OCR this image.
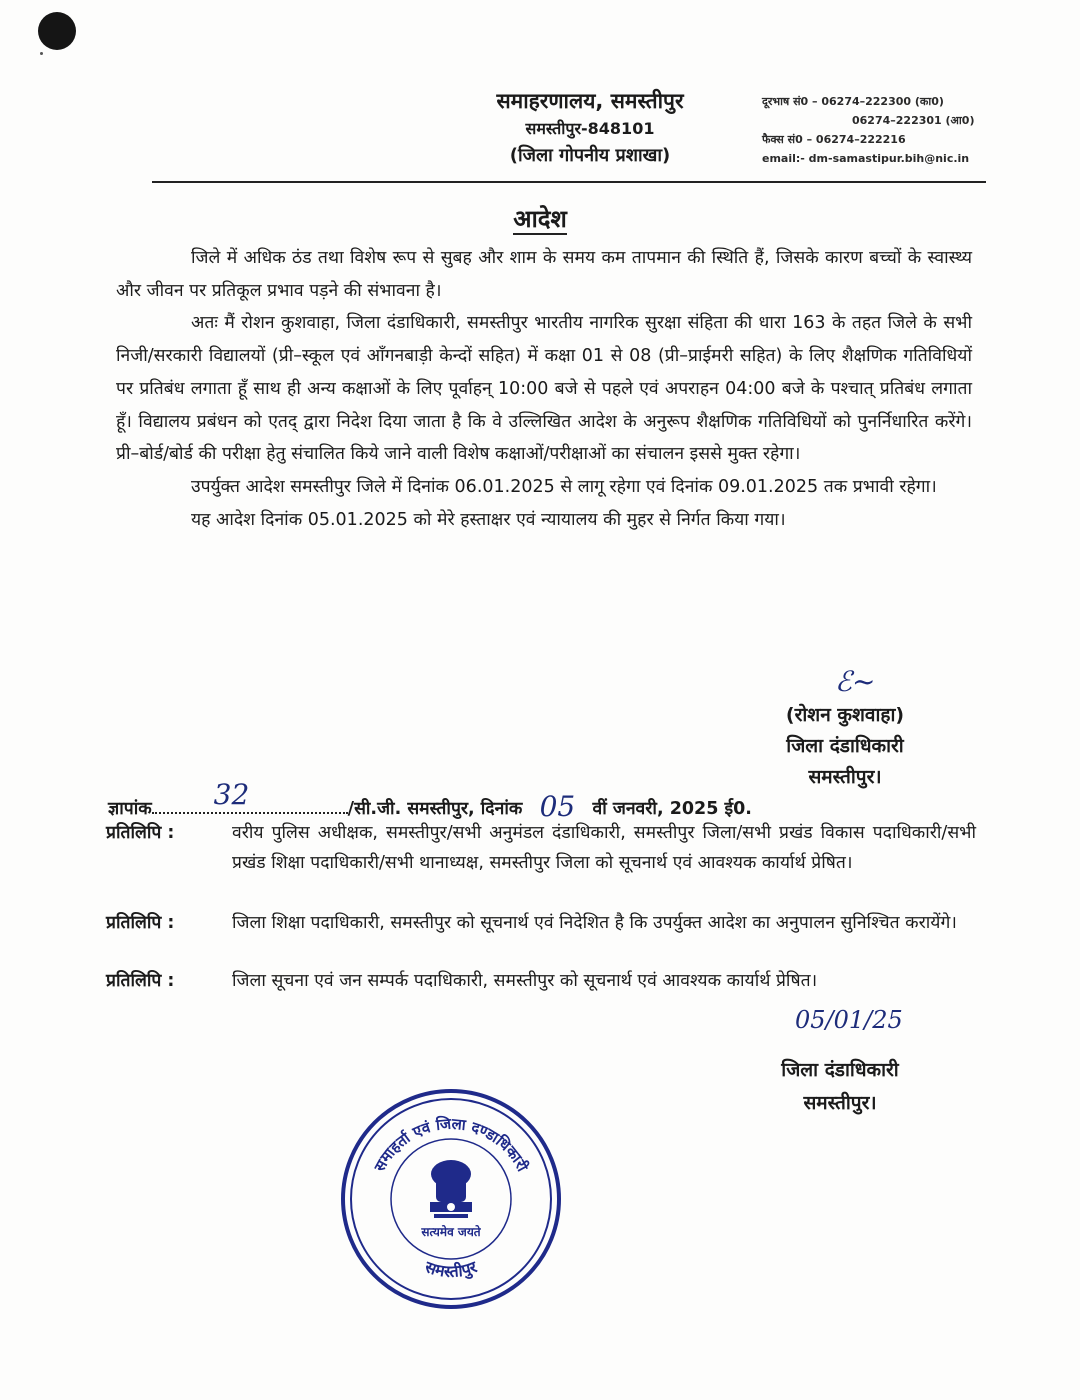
समाहरणालय, समस्तीपुर
समस्तीपुर-848101
(जिला गोपनीय प्रशाखा)
दूरभाष सं0 – 06274–222300 (का0)
06274–222301 (आ0)
फैक्स सं0 – 06274–222216
email:- dm-samastipur.bih@nic.in
आदेश

जिले में अधिक ठंड तथा विशेष रूप से सुबह और शाम के समय कम तापमान की स्थिति हैं, जिसके कारण बच्चों के स्वास्थ्य और जीवन पर प्रतिकूल प्रभाव पड़ने की संभावना है।

अतः मैं रोशन कुशवाहा, जिला दंडाधिकारी, समस्तीपुर भारतीय नागरिक सुरक्षा संहिता की धारा 163 के तहत जिले के सभी निजी/सरकारी विद्यालयों (प्री–स्कूल एवं आँगनबाड़ी केन्दों सहित) में कक्षा 01 से 08 (प्री–प्राईमरी सहित) के लिए शैक्षणिक गतिविधियों पर प्रतिबंध लगाता हूँ साथ ही अन्य कक्षाओं के लिए पूर्वाहन् 10:00 बजे से पहले एवं अपराहन 04:00 बजे के पश्चात् प्रतिबंध लगाता हूँ। विद्यालय प्रबंधन को एतद् द्वारा निदेश दिया जाता है कि वे उल्लिखित आदेश के अनुरूप शैक्षणिक गतिविधियों को पुनर्निधारित करेंगे। प्री–बोर्ड/बोर्ड की परीक्षा हेतु संचालित किये जाने वाली विशेष कक्षाओं/परीक्षाओं का संचालन इससे मुक्त रहेगा।

उपर्युक्त आदेश समस्तीपुर जिले में दिनांक 06.01.2025 से लागू रहेगा एवं दिनांक 09.01.2025 तक प्रभावी रहेगा।

यह आदेश दिनांक 05.01.2025 को मेरे हस्ताक्षर एवं न्यायालय की मुहर से निर्गत किया गया।

ℰ~
(रोशन कुशवाहा)
जिला दंडाधिकारी
समस्तीपुर।
ज्ञापांक 32	/सी.जी. समस्तीपुर, दिनांक 05 वीं जनवरी, 2025 ई0.
प्रतिलिपि :	वरीय पुलिस अधीक्षक, समस्तीपुर/सभी अनुमंडल दंडाधिकारी, समस्तीपुर जिला/सभी प्रखंड विकास पदाधिकारी/सभी प्रखंड शिक्षा पदाधिकारी/सभी थानाध्यक्ष, समस्तीपुर जिला को सूचनार्थ एवं आवश्यक कार्यार्थ प्रेषित।
प्रतिलिपि :	जिला शिक्षा पदाधिकारी, समस्तीपुर को सूचनार्थ एवं निदेशित है कि उपर्युक्त आदेश का अनुपालन सुनिश्चित करायेंगे।
प्रतिलिपि :	जिला सूचना एवं जन सम्पर्क पदाधिकारी, समस्तीपुर को सूचनार्थ एवं आवश्यक कार्यार्थ प्रेषित।
05/01/25
जिला दंडाधिकारी
समस्तीपुर।
समाहर्ता एवं जिला दण्डाधिकारी
समस्तीपुर
सत्यमेव जयते
